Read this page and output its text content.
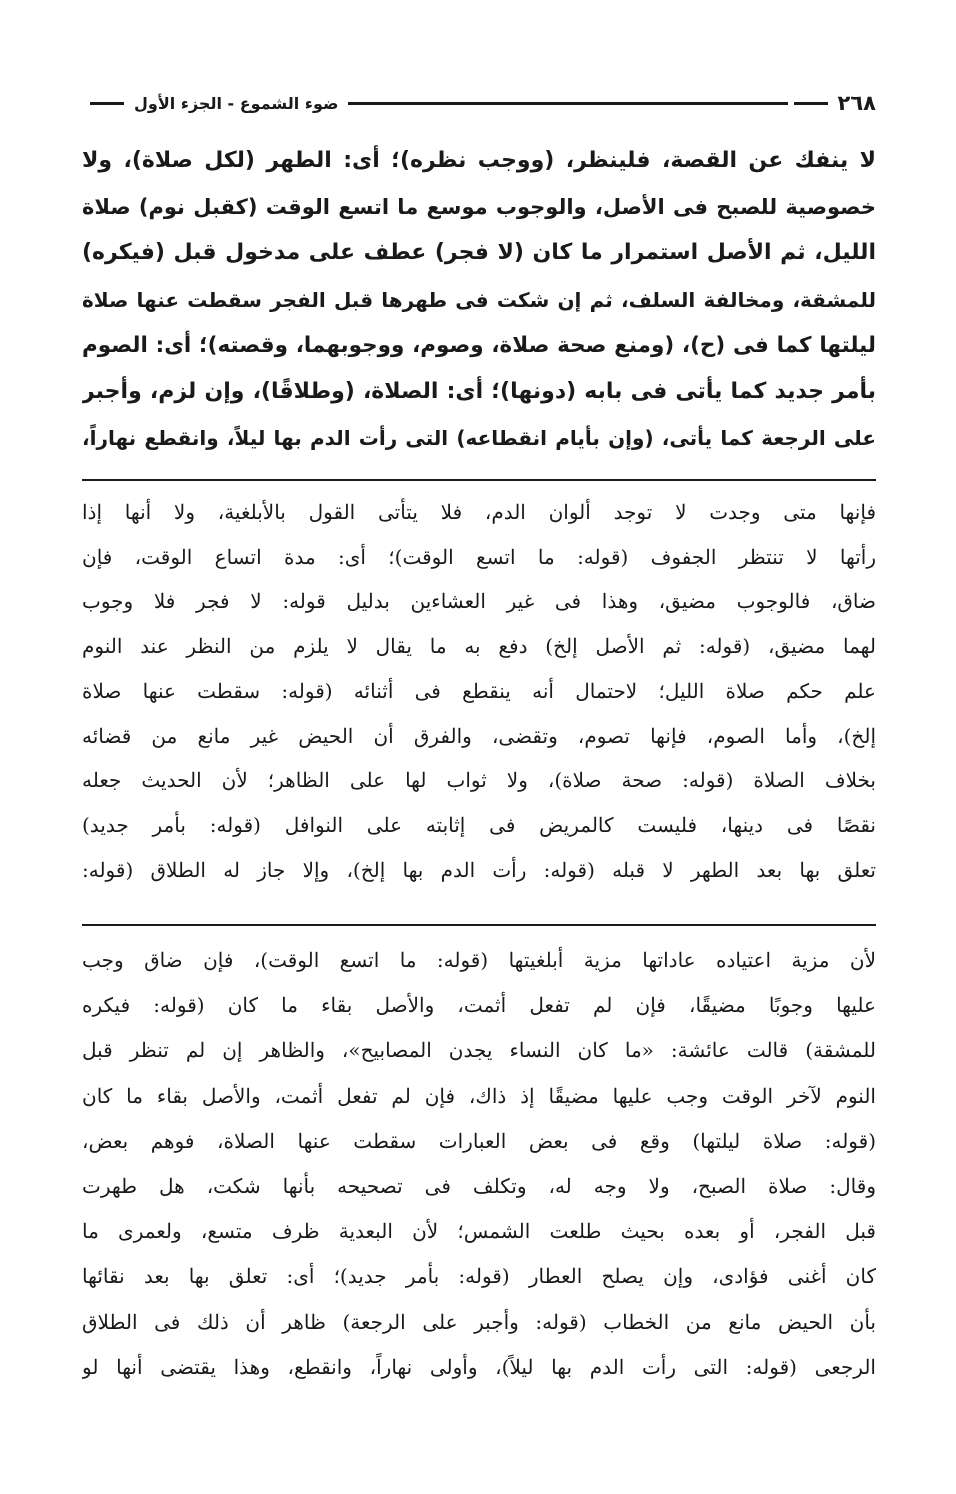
٢٦٨
ضوء الشموع - الجزء الأول
لا ينفك عن القصة، فلينظر، (ووجب نظره)؛ أى: الطهر (لكل صلاة)، ولا
خصوصية للصبح فى الأصل، والوجوب موسع ما اتسع الوقت (كقبل نوم) صلاة
الليل، ثم الأصل استمرار ما كان (لا فجر) عطف على مدخول قبل (فيكره)
للمشقة، ومخالفة السلف، ثم إن شكت فى طهرها قبل الفجر سقطت عنها صلاة
ليلتها كما فى (ح)، (ومنع صحة صلاة، وصوم، ووجوبهما، وقصته)؛ أى: الصوم
بأمر جديد كما يأتى فى بابه (دونها)؛ أى: الصلاة، (وطلاقًا)، وإن لزم، وأجبر
على الرجعة كما يأتى، (وإن بأيام انقطاعه) التى رأت الدم بها ليلاً، وانقطع نهاراً،
فإنها متى وجدت لا توجد ألوان الدم، فلا يتأتى القول بالأبلغية، ولا أنها إذا
رأتها لا تنتظر الجفوف (قوله: ما اتسع الوقت)؛ أى: مدة اتساع الوقت، فإن
ضاق، فالوجوب مضيق، وهذا فى غير العشاءين بدليل قوله: لا فجر فلا وجوب
لهما مضيق، (قوله: ثم الأصل إلخ) دفع به ما يقال لا يلزم من النظر عند النوم
علم حكم صلاة الليل؛ لاحتمال أنه ينقطع فى أثنائه (قوله: سقطت عنها صلاة
إلخ)، وأما الصوم، فإنها تصوم، وتقضى، والفرق أن الحيض غير مانع من قضائه
بخلاف الصلاة (قوله: صحة صلاة)، ولا ثواب لها على الظاهر؛ لأن الحديث جعله
نقصًا فى دينها، فليست كالمريض فى إثابته على النوافل (قوله: بأمر جديد)
تعلق بها بعد الطهر لا قبله (قوله: رأت الدم بها إلخ)، وإلا جاز له الطلاق (قوله:
لأن مزية اعتياده عاداتها مزية أبلغيتها (قوله: ما اتسع الوقت)، فإن ضاق وجب
عليها وجوبًا مضيقًا، فإن لم تفعل أثمت، والأصل بقاء ما كان (قوله: فيكره
للمشقة) قالت عائشة: «ما كان النساء يجدن المصابيح»، والظاهر إن لم تنظر قبل
النوم لآخر الوقت وجب عليها مضيقًا إذ ذاك، فإن لم تفعل أثمت، والأصل بقاء ما كان
(قوله: صلاة ليلتها) وقع فى بعض العبارات سقطت عنها الصلاة، فوهم بعض،
وقال: صلاة الصبح، ولا وجه له، وتكلف فى تصحيحه بأنها شكت، هل طهرت
قبل الفجر، أو بعده بحيث طلعت الشمس؛ لأن البعدية ظرف متسع، ولعمرى ما
كان أغنى فؤادى، وإن يصلح العطار (قوله: بأمر جديد)؛ أى: تعلق بها بعد نقائها
بأن الحيض مانع من الخطاب (قوله: وأجبر على الرجعة) ظاهر أن ذلك فى الطلاق
الرجعى (قوله: التى رأت الدم بها ليلاً)، وأولى نهاراً، وانقطع، وهذا يقتضى أنها لو
